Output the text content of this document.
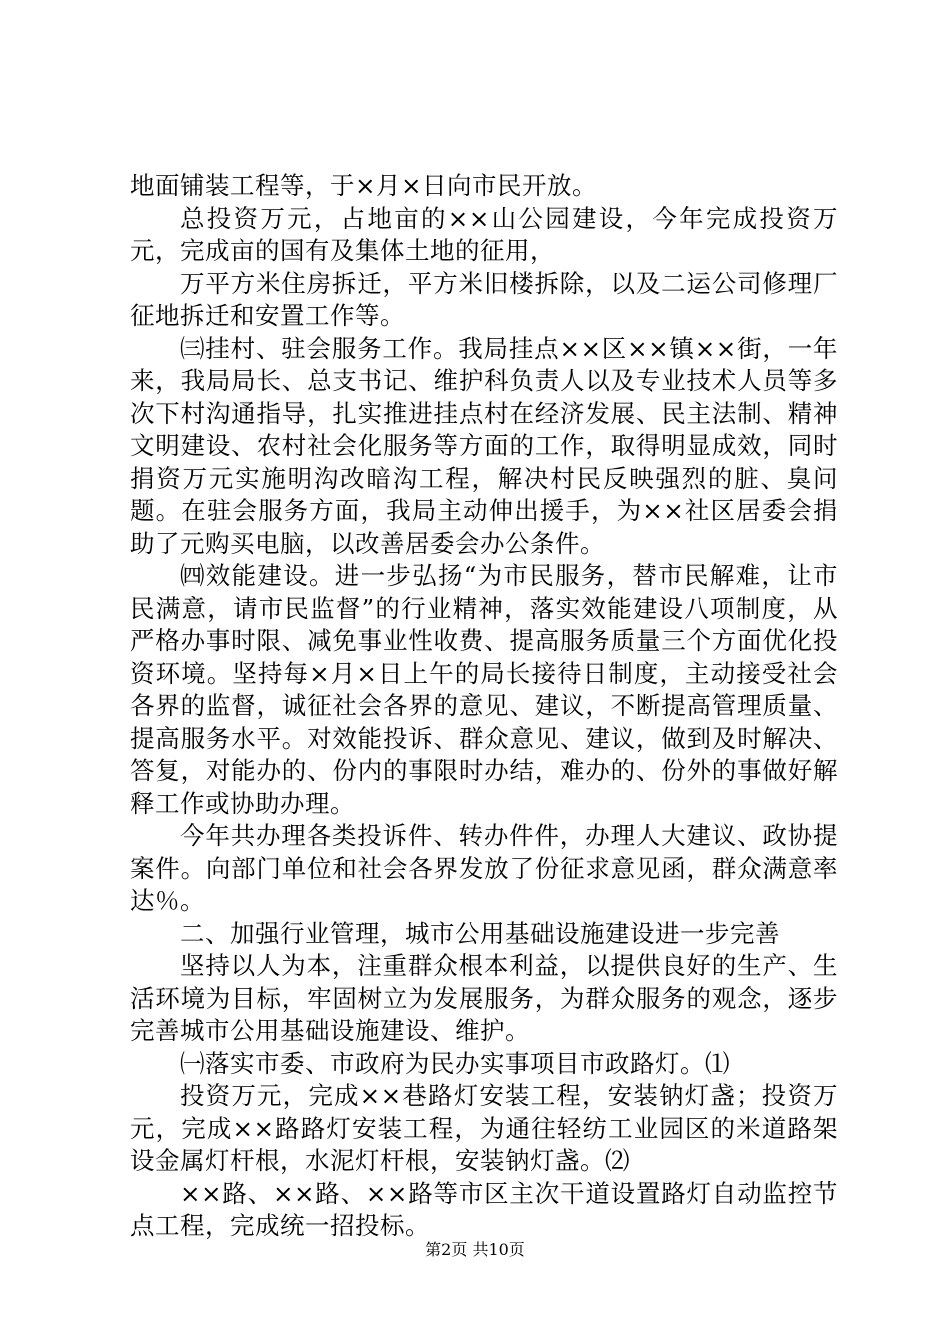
地面铺装工程等，于×月×日向市民开放。

总投资万元，占地亩的××山公园建设，今年完成投资万元，完成亩的国有及集体土地的征用，

万平方米住房拆迁，平方米旧楼拆除，以及二运公司修理厂征地拆迁和安置工作等。

㈢挂村、驻会服务工作。我局挂点××区××镇××街，一年来，我局局长、总支书记、维护科负责人以及专业技术人员等多次下村沟通指导，扎实推进挂点村在经济发展、民主法制、精神文明建设、农村社会化服务等方面的工作，取得明显成效，同时捐资万元实施明沟改暗沟工程，解决村民反映强烈的脏、臭问题。在驻会服务方面，我局主动伸出援手，为××社区居委会捐助了元购买电脑，以改善居委会办公条件。

㈣效能建设。进一步弘扬“为市民服务，替市民解难，让市民满意，请市民监督”的行业精神，落实效能建设八项制度，从严格办事时限、减免事业性收费、提高服务质量三个方面优化投资环境。坚持每×月×日上午的局长接待日制度，主动接受社会各界的监督，诚征社会各界的意见、建议，不断提高管理质量、提高服务水平。对效能投诉、群众意见、建议，做到及时解决、答复，对能办的、份内的事限时办结，难办的、份外的事做好解释工作或协助办理。

今年共办理各类投诉件、转办件件，办理人大建议、政协提案件。向部门单位和社会各界发放了份征求意见函，群众满意率达％。

二、加强行业管理，城市公用基础设施建设进一步完善

坚持以人为本，注重群众根本利益，以提供良好的生产、生活环境为目标，牢固树立为发展服务，为群众服务的观念，逐步完善城市公用基础设施建设、维护。

㈠落实市委、市政府为民办实事项目市政路灯。⑴

投资万元，完成××巷路灯安装工程，安装钠灯盏；投资万元，完成××路路灯安装工程，为通往轻纺工业园区的米道路架设金属灯杆根，水泥灯杆根，安装钠灯盏。⑵

××路、××路、××路等市区主次干道设置路灯自动监控节点工程，完成统一招投标。

第2页 共10页
